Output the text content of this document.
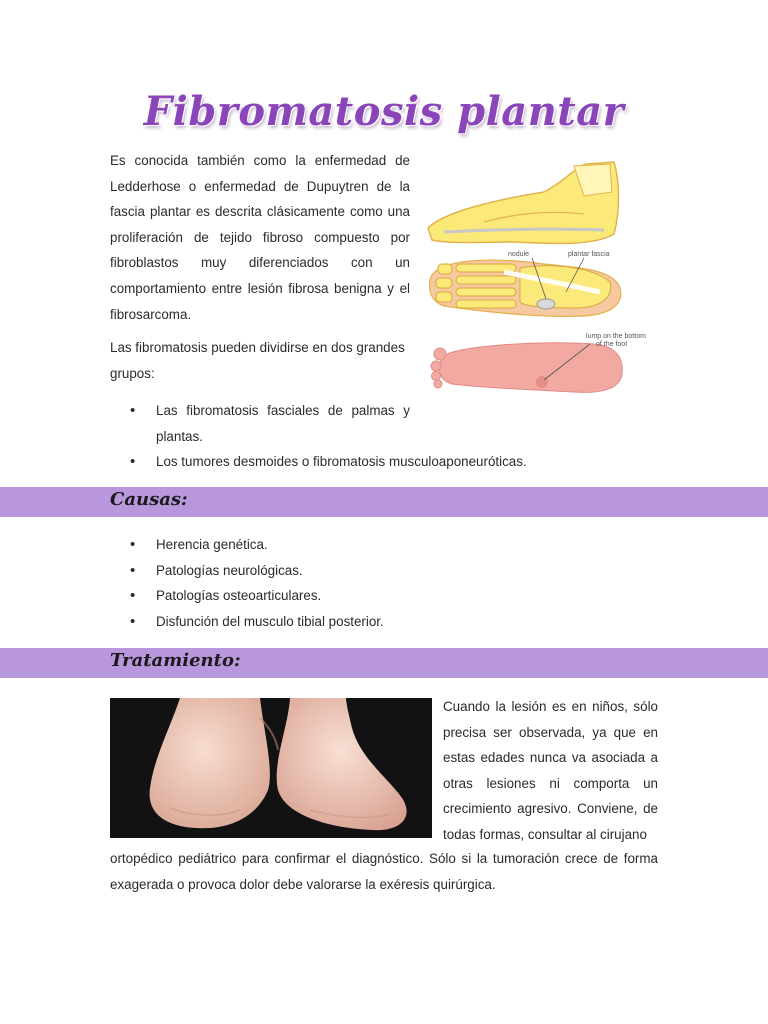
Fibromatosis plantar

Es conocida también como la enfermedad de Ledderhose o enfermedad de Dupuytren de la fascia plantar es descrita clásicamente como una proliferación de tejido fibroso compuesto por fibroblastos muy diferenciados con un comportamiento entre lesión fibrosa benigna y el fibrosarcoma.

Las fibromatosis pueden dividirse en dos grandes grupos:

• Las fibromatosis fasciales de palmas y plantas.
• Los tumores desmoides o fibromatosis musculoaponeuróticas.
nodule	plantar fascia
lump on the bottom
of the foot
Causas:
• Herencia genética.
• Patologías neurológicas.
• Patologías osteoarticulares.
• Disfunción del musculo tibial posterior.
Tratamiento:

Cuando la lesión es en niños, sólo precisa ser observada, ya que en estas edades nunca va asociada a otras lesiones ni comporta un crecimiento agresivo. Conviene, de todas formas, consultar al cirujano

ortopédico pediátrico para confirmar el diagnóstico. Sólo si la tumoración crece de forma exagerada o provoca dolor debe valorarse la exéresis quirúrgica.
